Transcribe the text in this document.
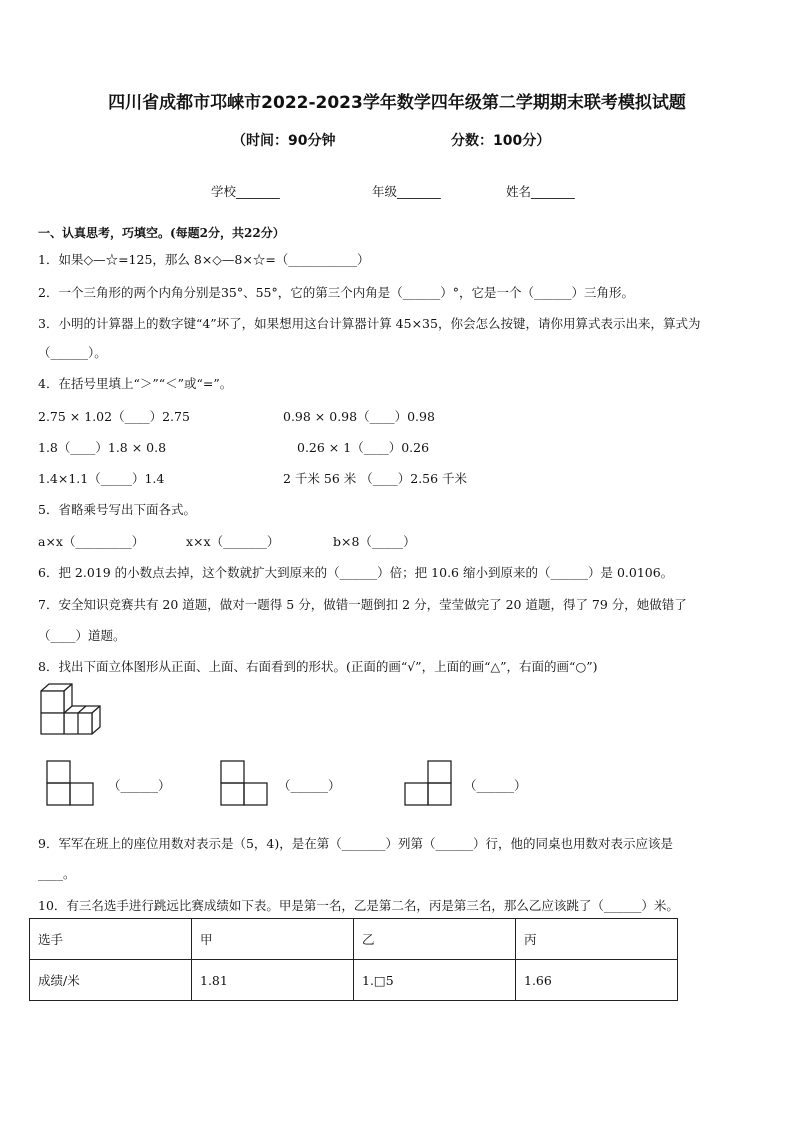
四川省成都市邛崃市2022-2023学年数学四年级第二学期期末联考模拟试题
（时间：90分钟	分数：100分）
学校_______	年级_______	姓名_______
一、认真思考，巧填空。(每题2分，共22分）
1．如果◇—☆=125，那么 8×◇—8×☆=（___________）
2．一个三角形的两个内角分别是35°、55°，它的第三个内角是（______）°，它是一个（______）三角形。
3．小明的计算器上的数字键“4”坏了，如果想用这台计算器计算 45×35，你会怎么按键，请你用算式表示出来，算式为
（______）。
4．在括号里填上“＞”“＜”或“=”。
2.75 × 1.02（____）2.75	0.98 × 0.98（____）0.98
1.8（____）1.8 × 0.8	0.26 × 1（____）0.26
1.4×1.1（_____）1.4	2 千米 56 米 （____）2.56 千米
5．省略乘号写出下面各式。
a×x（_________）	x×x（_______）	b×8（_____）
6．把 2.019 的小数点去掉，这个数就扩大到原来的（______）倍；把 10.6 缩小到原来的（______）是 0.0106。
7．安全知识竞赛共有 20 道题，做对一题得 5 分，做错一题倒扣 2 分，莹莹做完了 20 道题，得了 79 分，她做错了
（____）道题。
8．找出下面立体图形从正面、上面、右面看到的形状。(正面的画“√”，上面的画“△”，右面的画“○”)
（______）	（______）	（______）
9．军军在班上的座位用数对表示是（5，4)，是在第（_______）列第（______）行，他的同桌也用数对表示应该是
____。
10．有三名选手进行跳远比赛成绩如下表。甲是第一名，乙是第二名，丙是第三名，那么乙应该跳了（______）米。
选手	甲	乙	丙
成绩/米	1.81	1.□5	1.66
